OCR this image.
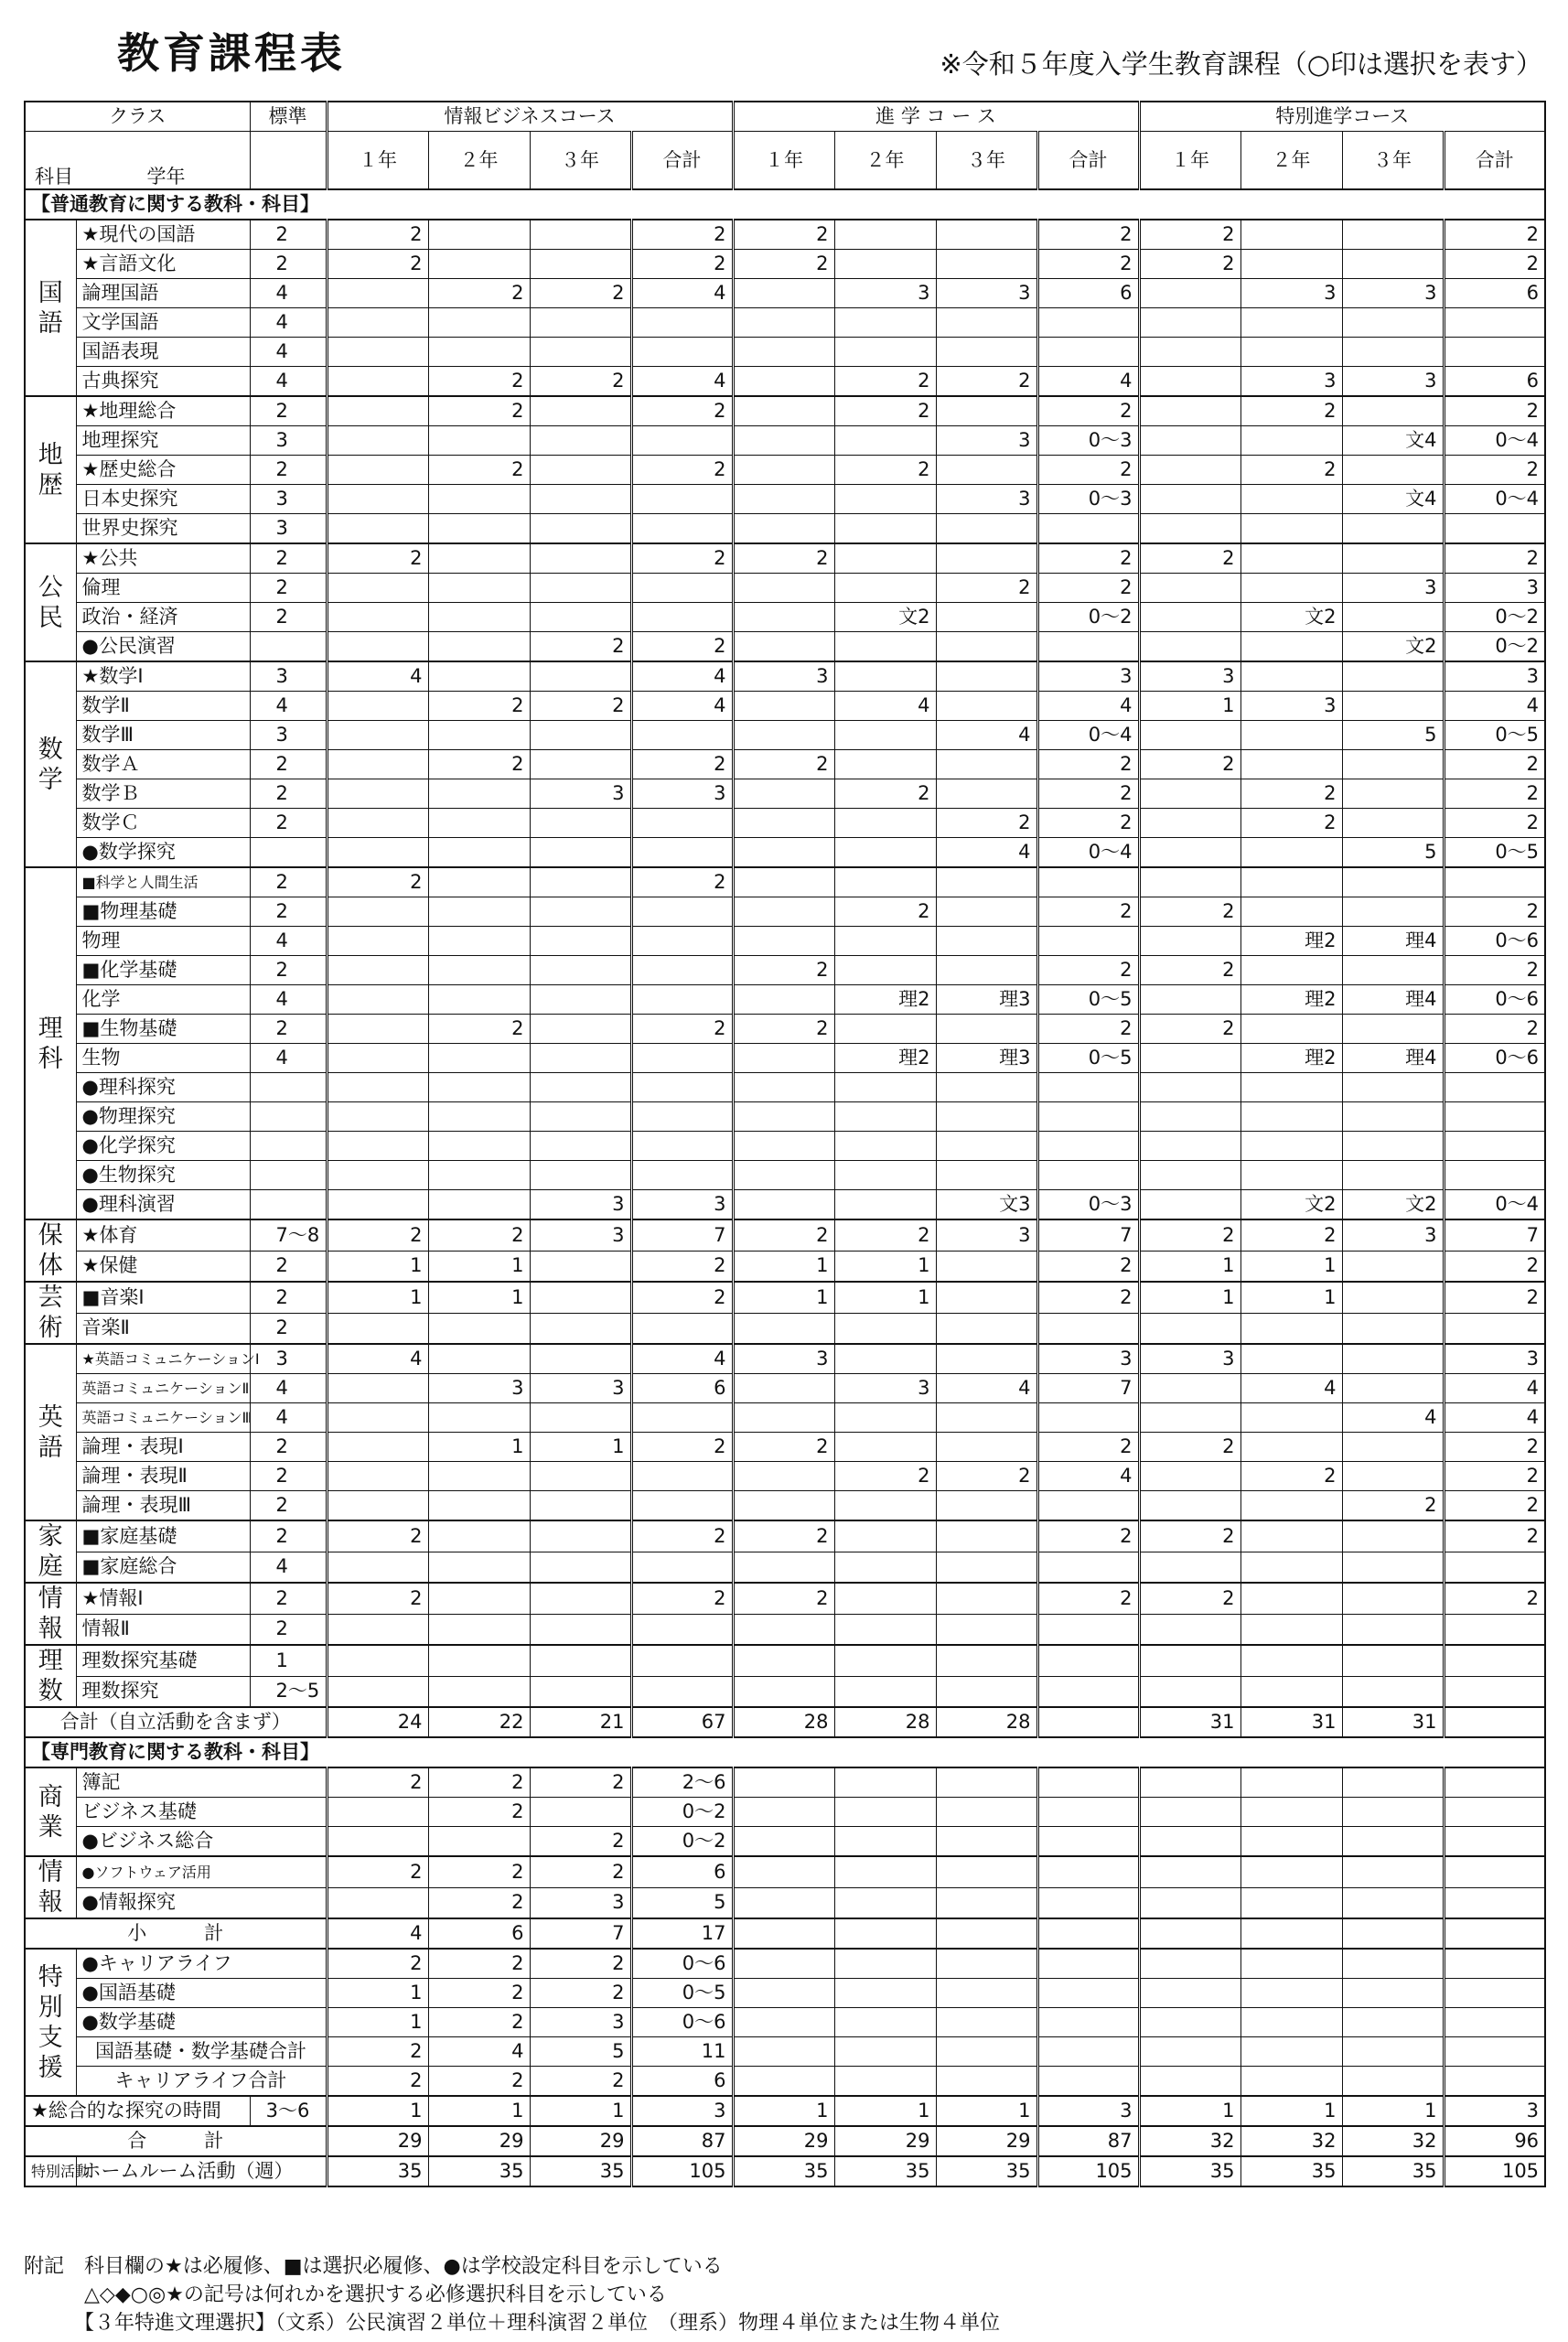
教育課程表	※令和５年度入学生教育課程（○印は選択を表す）
クラス		標準	情報ビジネスコース				進 学 コ ー ス				特別進学コース			

学年
科目			１年	２年	３年	合計	１年	２年	３年	合計	１年	２年	３年	合計
【普通教育に関する教科・科目】														
国語	★現代の国語	2	2			2	2			2	2			2
	★言語文化	2	2			2	2			2	2			2
	論理国語	4		2	2	4		3	3	6		3	3	6
	文学国語	4												
	国語表現	4												
	古典探究	4		2	2	4		2	2	4		3	3	6
地歴	★地理総合	2		2		2		2		2		2		2
	地理探究	3							3	0〜3			文4	0〜4
	★歴史総合	2		2		2		2		2		2		2
	日本史探究	3							3	0〜3			文4	0〜4
	世界史探究	3												
公民	★公共	2	2			2	2			2	2			2
	倫理	2							2	2			3	3
	政治・経済	2						文2		0〜2		文2		0〜2
	●公民演習				2	2							文2	0〜2
数学	★数学Ⅰ	3	4			4	3			3	3			3
	数学Ⅱ	4		2	2	4		4		4	1	3		4
	数学Ⅲ	3							4	0〜4			5	0〜5
	数学Ａ	2		2		2	2			2	2			2
	数学Ｂ	2			3	3		2		2		2		2
	数学Ｃ	2							2	2		2		2
	●数学探究								4	0〜4			5	0〜5
理科	■科学と人間生活	2	2			2								
	■物理基礎	2						2		2	2			2
	物理	4										理2	理4	0〜6
	■化学基礎	2					2			2	2			2
	化学	4						理2	理3	0〜5		理2	理4	0〜6
	■生物基礎	2		2		2	2			2	2			2
	生物	4						理2	理3	0〜5		理2	理4	0〜6
	●理科探究													
	●物理探究													
	●化学探究													
	●生物探究													
	●理科演習				3	3			文3	0〜3		文2	文2	0〜4
保体	★体育	7〜8	2	2	3	7	2	2	3	7	2	2	3	7
	★保健	2	1	1		2	1	1		2	1	1		2
芸術	■音楽Ⅰ	2	1	1		2	1	1		2	1	1		2
	音楽Ⅱ	2												
英語	★英語コミュニケーションⅠ	3	4			4	3			3	3			3
	英語コミュニケーションⅡ	4		3	3	6		3	4	7		4		4
	英語コミュニケーションⅢ	4											4	4
	論理・表現Ⅰ	2		1	1	2	2			2	2			2
	論理・表現Ⅱ	2						2	2	4		2		2
	論理・表現Ⅲ	2											2	2
家庭	■家庭基礎	2	2			2	2			2	2			2
	■家庭総合	4												
情報	★情報Ⅰ	2	2			2	2			2	2			2
	情報Ⅱ	2												
理数	理数探究基礎	1												
	理数探究	2〜5												
合計（自立活動を含まず）			24	22	21	67	28	28	28		31	31	31	
【専門教育に関する教科・科目】														
商業	簿記		2	2	2	2〜6								
	ビジネス基礎			2		0〜2								
	●ビジネス総合				2	0〜2								
情報	●ソフトウェア活用		2	2	2	6								
	●情報探究			2	3	5								
小　　　計			4	6	7	17								
特別支援	●キャリアライフ		2	2	2	0〜6								
	●国語基礎		1	2	2	0〜5								
	●数学基礎		1	2	3	0〜6								
	国語基礎・数学基礎合計		2	4	5	11								
	キャリアライフ合計		2	2	2	6								
★総合的な探究の時間		3〜6	1	1	1	3	1	1	1	3	1	1	1	3
合　　　計			29	29	29	87	29	29	29	87	32	32	32	96
特別活動	ホームルーム活動（週）		35	35	35	105	35	35	35	105	35	35	35	105
附記　科目欄の★は必履修、■は選択必履修、●は学校設定科目を示している
　　　△◇◆○◎★の記号は何れかを選択する必修選択科目を示している
　　　【３年特進文理選択】（文系）公民演習２単位＋理科演習２単位　（理系）物理４単位または生物４単位
